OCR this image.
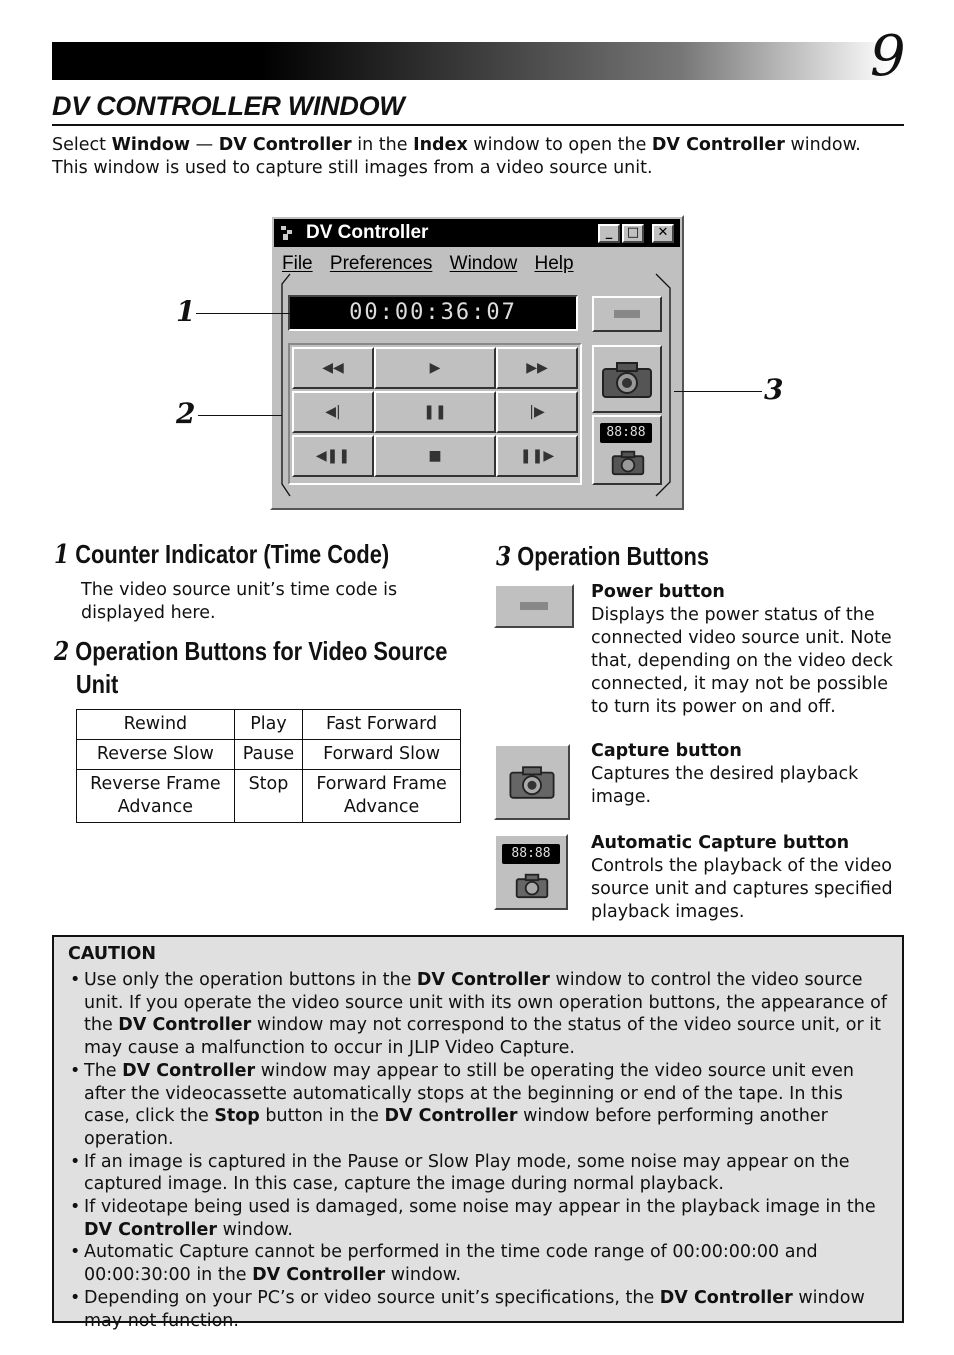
9
DV CONTROLLER WINDOW
Select Window — DV Controller in the Index window to open the DV Controller window.
This window is used to capture still images from a video source unit.
DV Controller	_	□	✕
File Preferences Window Help
00:00:36:07
◀◀	▶	▶▶
◀|	❚❚	|▶
◀❚❚	■	❚❚▶
88:88
1
2
3
1 Counter Indicator (Time Code)
The video source unit’s time code is
displayed here.
2 Operation Buttons for Video Source
Unit
Rewind	Play	Fast Forward
Reverse Slow	Pause	Forward Slow
Reverse Frame
Advance	Stop	Forward Frame
Advance
3 Operation Buttons
Power button
Displays the power status of the
connected video source unit. Note
that, depending on the video deck
connected, it may not be possible
to turn its power on and off.
Capture button
Captures the desired playback
image.
88:88
Automatic Capture button
Controls the playback of the video
source unit and captures specified
playback images.
CAUTION
• Use only the operation buttons in the DV Controller window to control the video source unit. If you operate the video source unit with its own operation buttons, the appearance of the DV Controller window may not correspond to the status of the video source unit, or it may cause a malfunction to occur in JLIP Video Capture.
• The DV Controller window may appear to still be operating the video source unit even after the videocassette automatically stops at the beginning or end of the tape. In this case, click the Stop button in the DV Controller window before performing another operation.
• If an image is captured in the Pause or Slow Play mode, some noise may appear on the captured image. In this case, capture the image during normal playback.
• If videotape being used is damaged, some noise may appear in the playback image in the DV Controller window.
• Automatic Capture cannot be performed in the time code range of 00:00:00:00 and 00:00:30:00 in the DV Controller window.
• Depending on your PC’s or video source unit’s specifications, the DV Controller window may not function.
